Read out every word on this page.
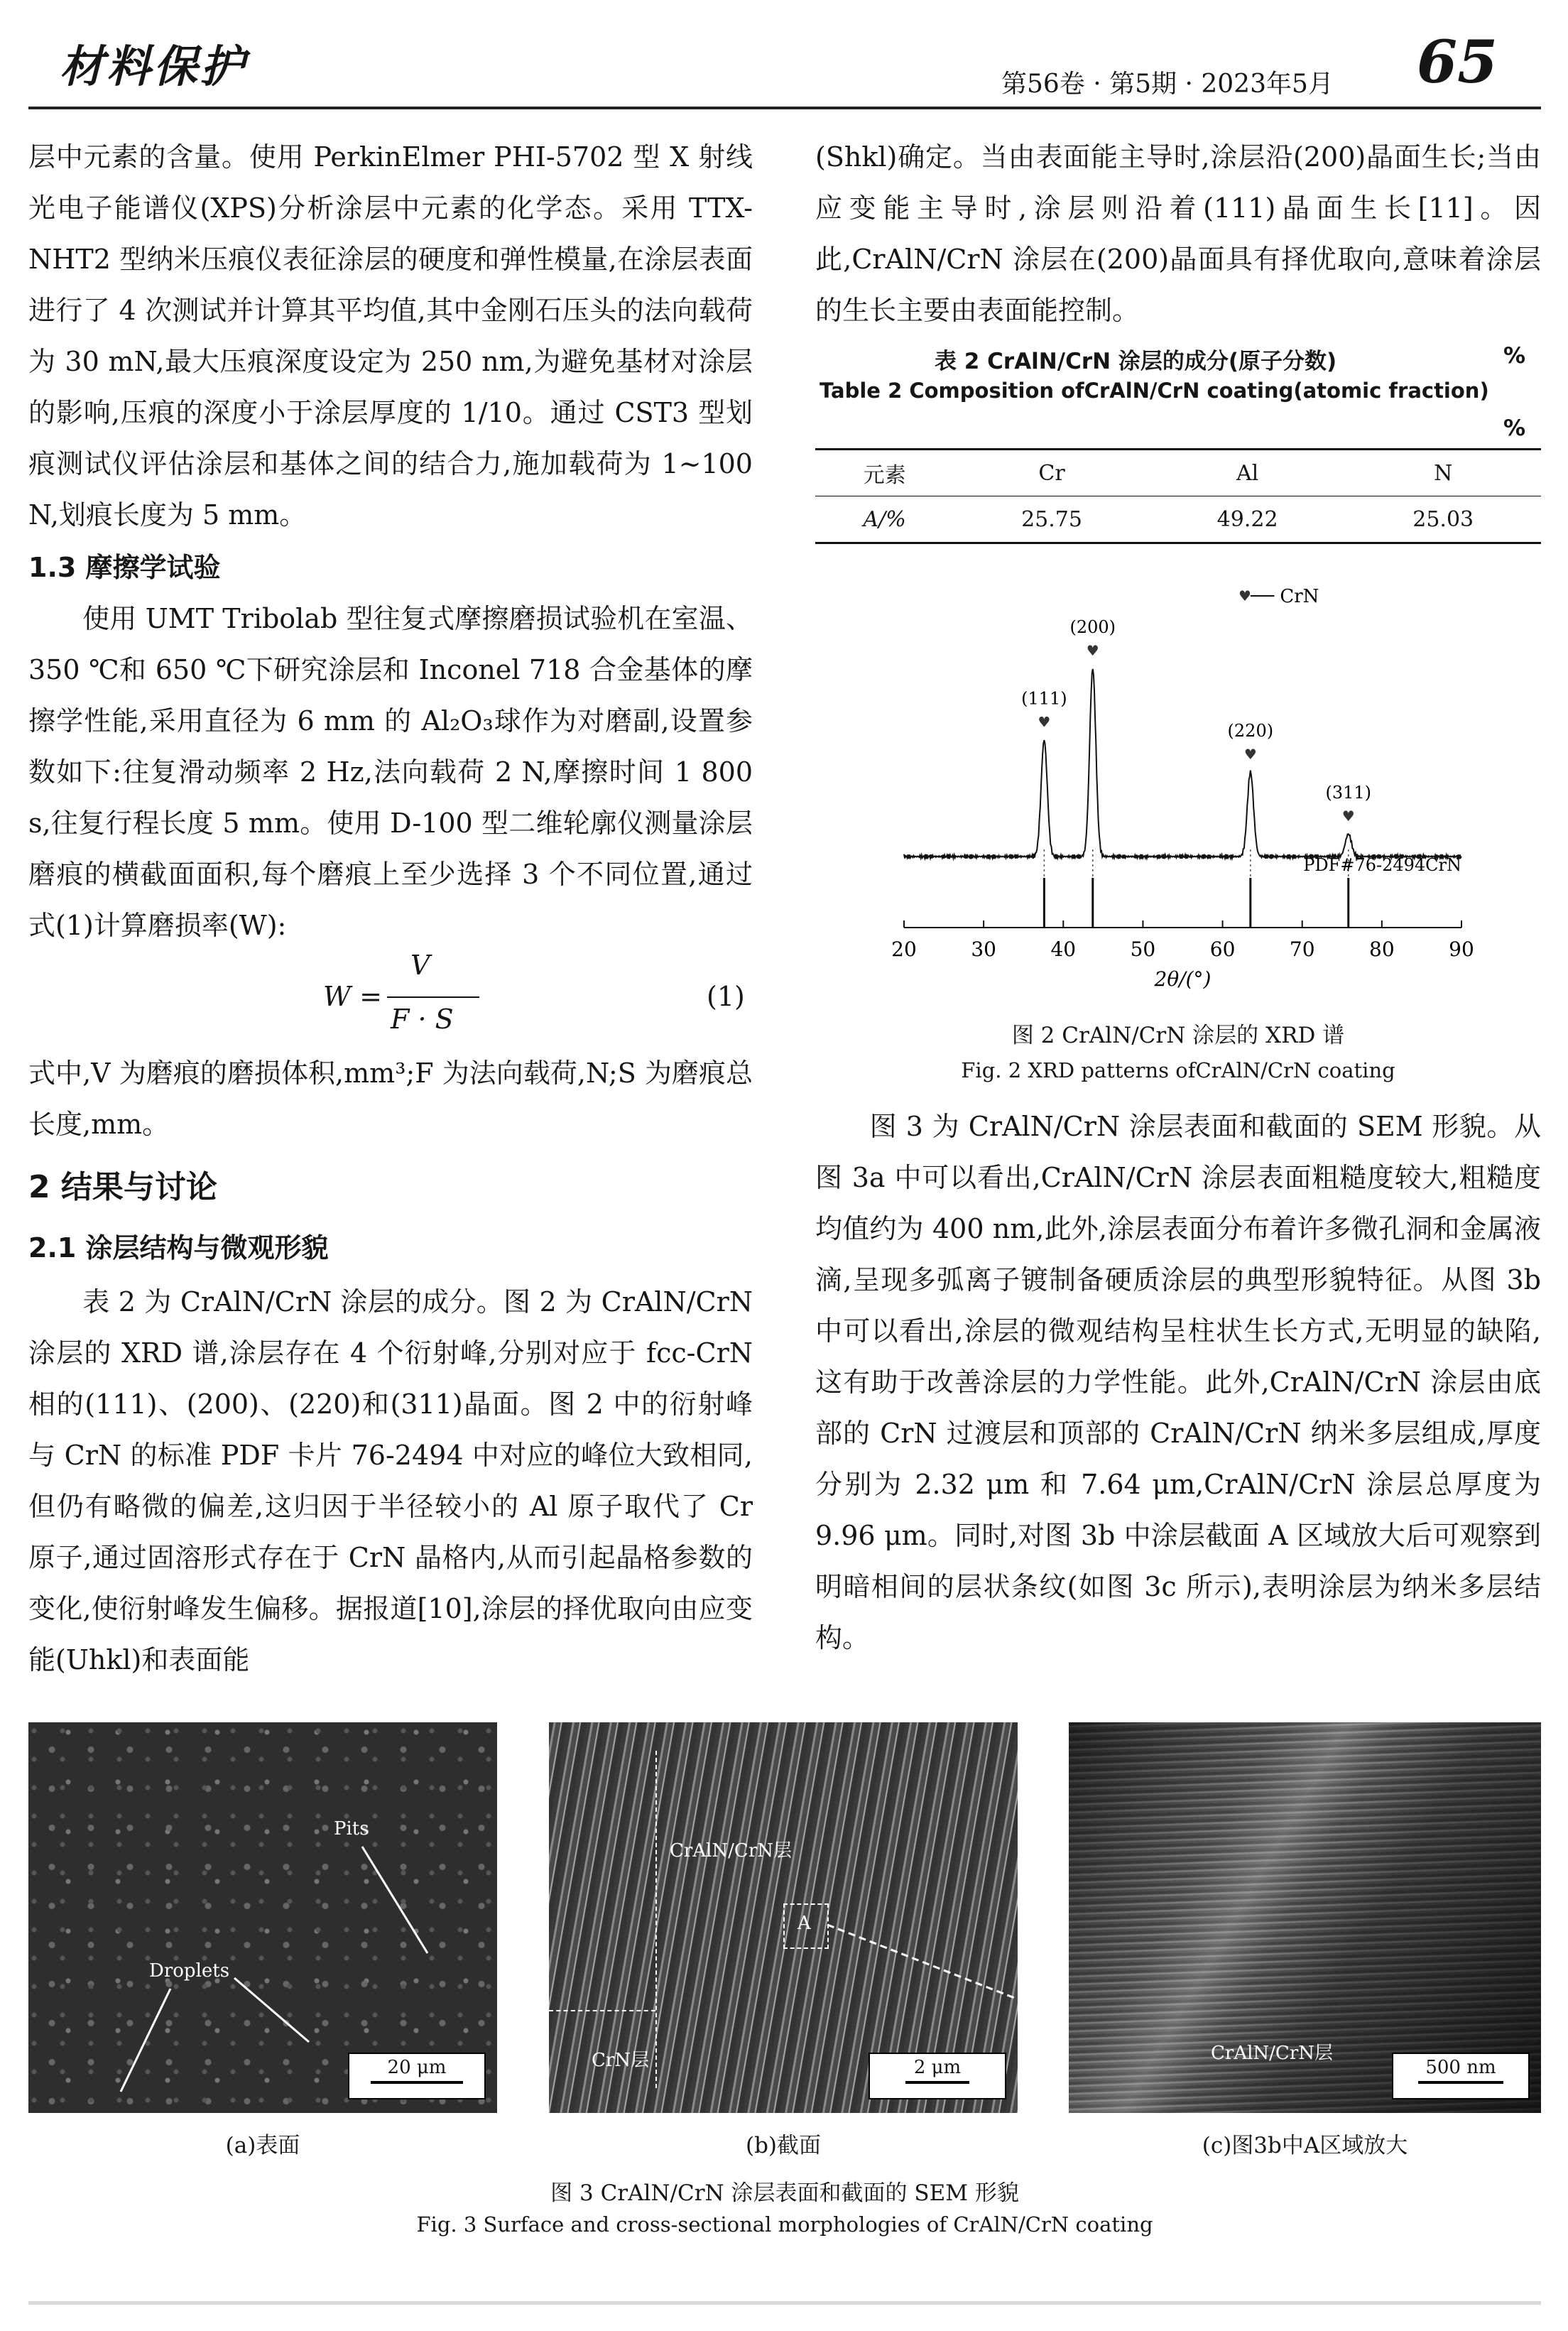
材料保护	第56卷 · 第5期 · 2023年5月 65

层中元素的含量。使用 PerkinElmer PHI-5702 型 X 射线光电子能谱仪(XPS)分析涂层中元素的化学态。采用 TTX-NHT2 型纳米压痕仪表征涂层的硬度和弹性模量,在涂层表面进行了 4 次测试并计算其平均值,其中金刚石压头的法向载荷为 30 mN,最大压痕深度设定为 250 nm,为避免基材对涂层的影响,压痕的深度小于涂层厚度的 1/10。通过 CST3 型划痕测试仪评估涂层和基体之间的结合力,施加载荷为 1~100 N,划痕长度为 5 mm。

1.3 摩擦学试验

使用 UMT Tribolab 型往复式摩擦磨损试验机在室温、350 ℃和 650 ℃下研究涂层和 Inconel 718 合金基体的摩擦学性能,采用直径为 6 mm 的 Al₂O₃球作为对磨副,设置参数如下:往复滑动频率 2 Hz,法向载荷 2 N,摩擦时间 1 800 s,往复行程长度 5 mm。使用 D-100 型二维轮廓仪测量涂层磨痕的横截面面积,每个磨痕上至少选择 3 个不同位置,通过式(1)计算磨损率(W):

W =
V
F · S
(1)

式中,V 为磨痕的磨损体积,mm³;F 为法向载荷,N;S 为磨痕总长度,mm。

2 结果与讨论
2.1 涂层结构与微观形貌

表 2 为 CrAlN/CrN 涂层的成分。图 2 为 CrAlN/CrN 涂层的 XRD 谱,涂层存在 4 个衍射峰,分别对应于 fcc-CrN 相的(111)、(200)、(220)和(311)晶面。图 2 中的衍射峰与 CrN 的标准 PDF 卡片 76-2494 中对应的峰位大致相同,但仍有略微的偏差,这归因于半径较小的 Al 原子取代了 Cr 原子,通过固溶形式存在于 CrN 晶格内,从而引起晶格参数的变化,使衍射峰发生偏移。据报道[10],涂层的择优取向由应变能(Uhkl)和表面能

(Shkl)确定。当由表面能主导时,涂层沿(200)晶面生长;当由应变能主导时,涂层则沿着(111)晶面生长[11]。因此,CrAlN/CrN 涂层在(200)晶面具有择优取向,意味着涂层的生长主要由表面能控制。

表 2 CrAlN/CrN 涂层的成分(原子分数)	%
Table 2 Composition ofCrAlN/CrN coating(atomic fraction)
%
元素	Cr	Al	N
A/%	25.75	49.22	25.03
20	30	40	50	60	70	80	90
2θ/(°)
(111)
♥
(200)
♥
(220)
♥
(311)
♥
♥ CrN
PDF#76-2494CrN
图 2 CrAlN/CrN 涂层的 XRD 谱
Fig. 2 XRD patterns ofCrAlN/CrN coating

图 3 为 CrAlN/CrN 涂层表面和截面的 SEM 形貌。从图 3a 中可以看出,CrAlN/CrN 涂层表面粗糙度较大,粗糙度均值约为 400 nm,此外,涂层表面分布着许多微孔洞和金属液滴,呈现多弧离子镀制备硬质涂层的典型形貌特征。从图 3b 中可以看出,涂层的微观结构呈柱状生长方式,无明显的缺陷,这有助于改善涂层的力学性能。此外,CrAlN/CrN 涂层由底部的 CrN 过渡层和顶部的 CrAlN/CrN 纳米多层组成,厚度分别为 2.32 μm 和 7.64 μm,CrAlN/CrN 涂层总厚度为 9.96 μm。同时,对图 3b 中涂层截面 A 区域放大后可观察到明暗相间的层状条纹(如图 3c 所示),表明涂层为纳米多层结构。

Pits
Droplets
20 μm
(a)表面
CrAlN/CrN层
A
CrN层	2 μm
(b)截面
CrAlN/CrN层
500 nm
(c)图3b中A区域放大
图 3 CrAlN/CrN 涂层表面和截面的 SEM 形貌
Fig. 3 Surface and cross-sectional morphologies of CrAlN/CrN coating
